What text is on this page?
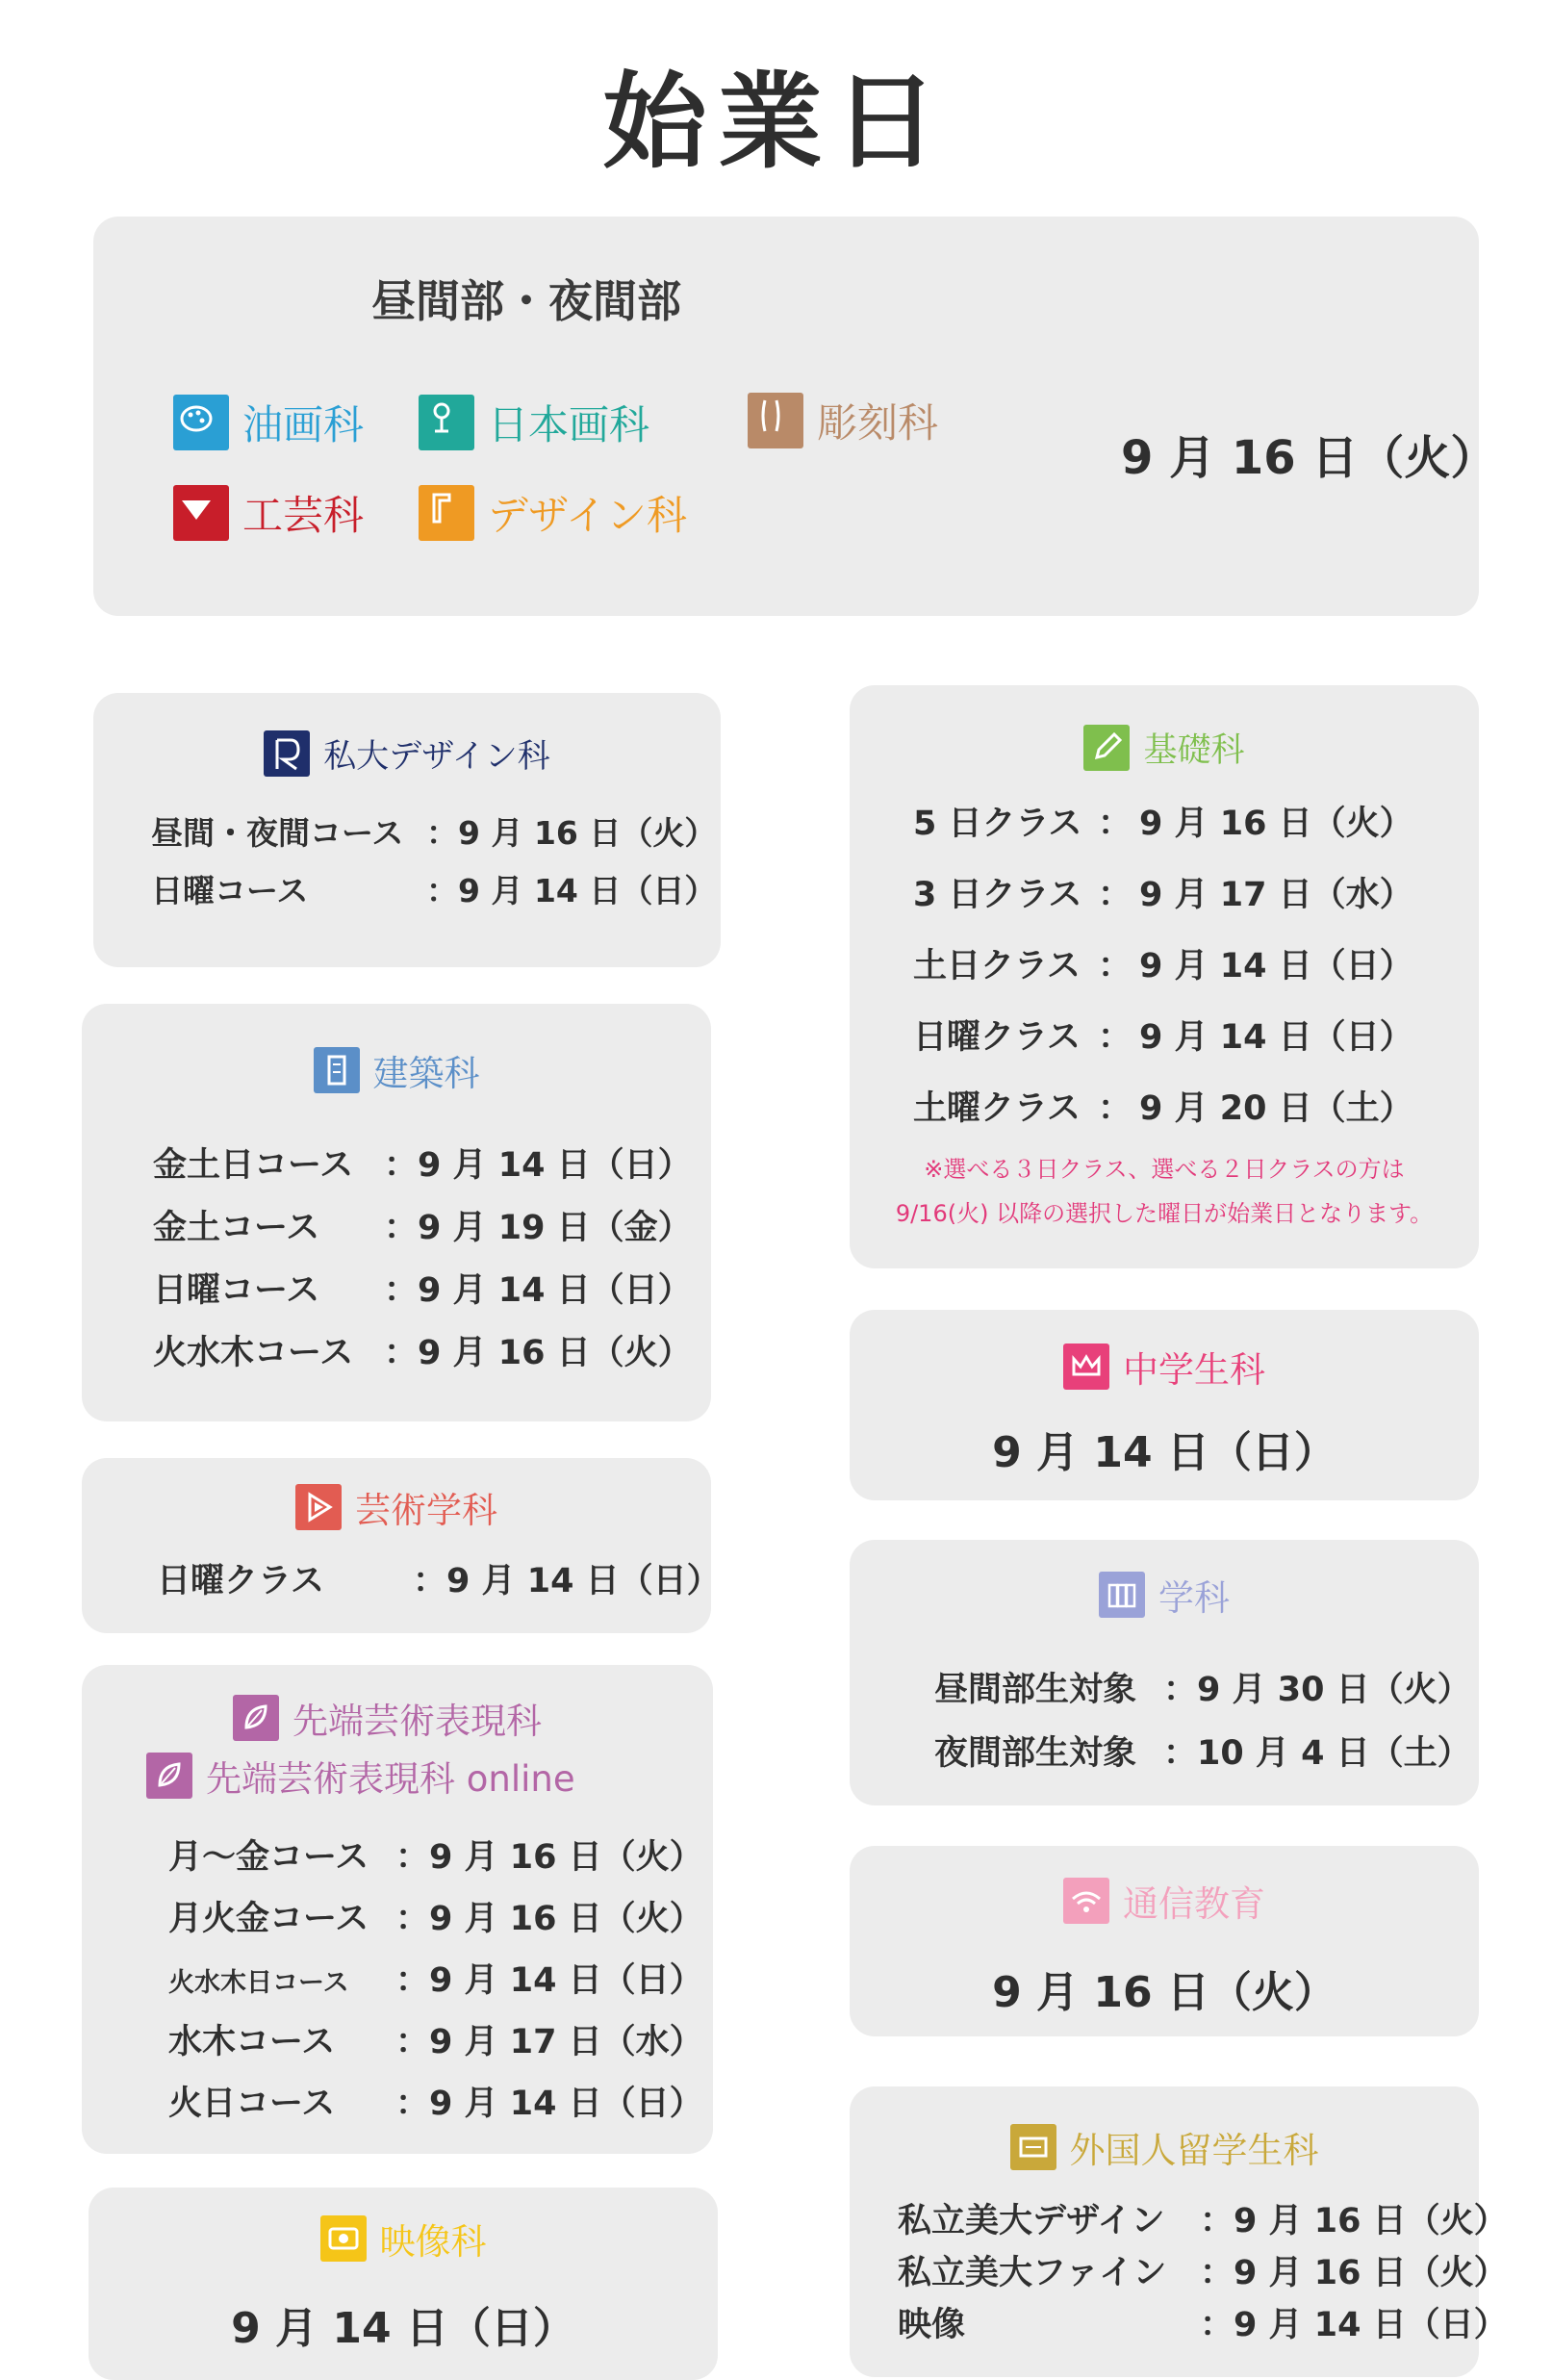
始業日
昼間部・夜間部
油画科	日本画科	彫刻科
工芸科	デザイン科
9 月 16 日（火）
私大デザイン科
昼間・夜間コース ：9 月 16 日（火）
日曜コース	：9 月 14 日（日）
建築科
金土日コース ：9 月 14 日（日）
金土コース ：9 月 19 日（金）
日曜コース ：9 月 14 日（日）
火水木コース ：9 月 16 日（火）
芸術学科
日曜クラス	：9 月 14 日（日）
先端芸術表現科
先端芸術表現科 online
月〜金コース ：9 月 16 日（火）
月火金コース ：9 月 16 日（火）
火水木日コース ：9 月 14 日（日）
水木コース ：9 月 17 日（水）
火日コース ：9 月 14 日（日）
映像科
9 月 14 日（日）
基礎科
5 日クラス ： 9 月 16 日（火）
3 日クラス ： 9 月 17 日（水）
土日クラス ： 9 月 14 日（日）
日曜クラス ： 9 月 14 日（日）
土曜クラス ： 9 月 20 日（土）
※選べる３日クラス、選べる２日クラスの方は
9/16(火) 以降の選択した曜日が始業日となります。
中学生科
9 月 14 日（日）
学科
昼間部生対象 ：9 月 30 日（火）
夜間部生対象 ：10 月 4 日（土）
通信教育
9 月 16 日（火）
外国人留学生科
私立美大デザイン ：9 月 16 日（火）
私立美大ファイン ：9 月 16 日（火）
映像	：9 月 14 日（日）
